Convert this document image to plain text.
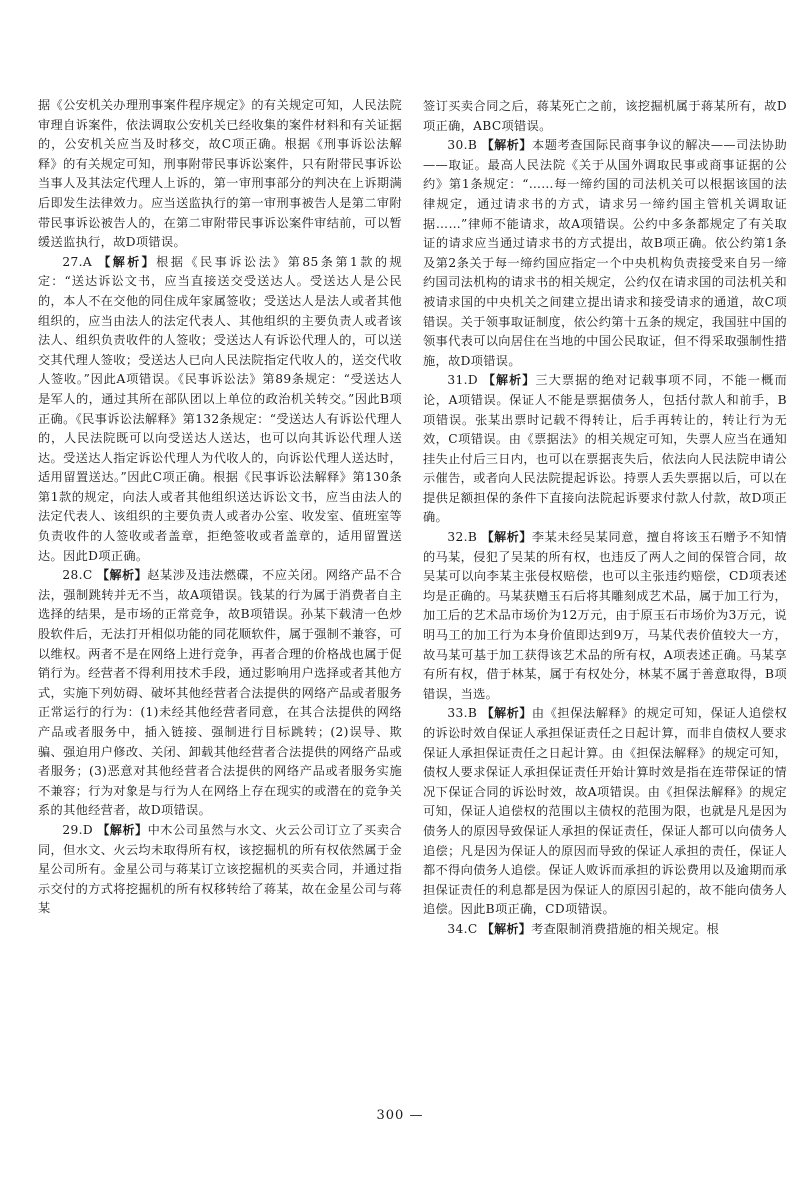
据《公安机关办理刑事案件程序规定》的有关规定可知，人民法院审理自诉案件，依法调取公安机关已经收集的案件材料和有关证据的，公安机关应当及时移交，故C项正确。根据《刑事诉讼法解释》的有关规定可知，刑事附带民事诉讼案件，只有附带民事诉讼当事人及其法定代理人上诉的，第一审刑事部分的判决在上诉期满后即发生法律效力。应当送监执行的第一审刑事被告人是第二审附带民事诉讼被告人的，在第二审附带民事诉讼案件审结前，可以暂缓送监执行，故D项错误。

27.A 【解析】根据《民事诉讼法》第85条第1款的规定：“送达诉讼文书，应当直接送交受送达人。受送达人是公民的，本人不在交他的同住成年家属签收；受送达人是法人或者其他组织的，应当由法人的法定代表人、其他组织的主要负责人或者该法人、组织负责收件的人签收；受送达人有诉讼代理人的，可以送交其代理人签收；受送达人已向人民法院指定代收人的，送交代收人签收。”因此A项错误。《民事诉讼法》第89条规定：“受送达人是军人的，通过其所在部队团以上单位的政治机关转交。”因此B项正确。《民事诉讼法解释》第132条规定：“受送达人有诉讼代理人的，人民法院既可以向受送达人送达，也可以向其诉讼代理人送达。受送达人指定诉讼代理人为代收人的，向诉讼代理人送达时，适用留置送达。”因此C项正确。根据《民事诉讼法解释》第130条第1款的规定，向法人或者其他组织送达诉讼文书，应当由法人的法定代表人、该组织的主要负责人或者办公室、收发室、值班室等负责收件的人签收或者盖章，拒绝签收或者盖章的，适用留置送达。因此D项正确。

28.C 【解析】赵某涉及违法燃碟，不应关闭。网络产品不合法，强制跳转并无不当，故A项错误。钱某的行为属于消费者自主选择的结果，是市场的正常竞争，故B项错误。孙某下载清一色炒股软件后，无法打开相似功能的同花顺软件，属于强制不兼容，可以维权。两者不是在网络上进行竞争，再者合理的价格战也属于促销行为。经营者不得利用技术手段，通过影响用户选择或者其他方式，实施下列妨碍、破坏其他经营者合法提供的网络产品或者服务正常运行的行为：(1)未经其他经营者同意，在其合法提供的网络产品或者服务中，插入链接、强制进行目标跳转；(2)误导、欺骗、强迫用户修改、关闭、卸载其他经营者合法提供的网络产品或者服务；(3)恶意对其他经营者合法提供的网络产品或者服务实施不兼容；行为对象是与行为人在网络上存在现实的或潜在的竞争关系的其他经营者，故D项错误。

29.D 【解析】中木公司虽然与水文、火云公司订立了买卖合同，但水文、火云均未取得所有权，该挖掘机的所有权依然属于金星公司所有。金星公司与蒋某订立该挖掘机的买卖合同，并通过指示交付的方式将挖掘机的所有权移转给了蒋某，故在金星公司与蒋某

签订买卖合同之后，蒋某死亡之前，该挖掘机属于蒋某所有，故D项正确，ABC项错误。

30.B 【解析】本题考查国际民商事争议的解决——司法协助——取证。最高人民法院《关于从国外调取民事或商事证据的公约》第1条规定：“……每一缔约国的司法机关可以根据该国的法律规定，通过请求书的方式，请求另一缔约国主管机关调取证据……”律师不能请求，故A项错误。公约中多条都规定了有关取证的请求应当通过请求书的方式提出，故B项正确。依公约第1条及第2条关于每一缔约国应指定一个中央机构负责接受来自另一缔约国司法机构的请求书的相关规定，公约仅在请求国的司法机关和被请求国的中央机关之间建立提出请求和接受请求的通道，故C项错误。关于领事取证制度，依公约第十五条的规定，我国驻中国的领事代表可以向居住在当地的中国公民取证，但不得采取强制性措施，故D项错误。

31.D 【解析】三大票据的绝对记载事项不同，不能一概而论，A项错误。保证人不能是票据债务人，包括付款人和前手，B项错误。张某出票时记载不得转让，后手再转让的，转让行为无效，C项错误。由《票据法》的相关规定可知，失票人应当在通知挂失止付后三日内，也可以在票据丧失后，依法向人民法院申请公示催告，或者向人民法院提起诉讼。持票人丢失票据以后，可以在提供足额担保的条件下直接向法院起诉要求付款人付款，故D项正确。

32.B 【解析】李某未经吴某同意，擅自将该玉石赠予不知情的马某，侵犯了吴某的所有权，也违反了两人之间的保管合同，故吴某可以向李某主张侵权赔偿，也可以主张违约赔偿，CD项表述均是正确的。马某获赠玉石后将其雕刻成艺术品，属于加工行为，加工后的艺术品市场价为12万元，由于原玉石市场价为3万元，说明马工的加工行为本身价值即达到9万，马某代表价值较大一方，故马某可基于加工获得该艺术品的所有权，A项表述正确。马某享有所有权，借于林某，属于有权处分，林某不属于善意取得，B项错误，当选。

33.B 【解析】由《担保法解释》的规定可知，保证人追偿权的诉讼时效自保证人承担保证责任之日起计算，而非自债权人要求保证人承担保证责任之日起计算。由《担保法解释》的规定可知，债权人要求保证人承担保证责任开始计算时效是指在连带保证的情况下保证合同的诉讼时效，故A项错误。由《担保法解释》的规定可知，保证人追偿权的范围以主债权的范围为限，也就是凡是因为债务人的原因导致保证人承担的保证责任，保证人都可以向债务人追偿；凡是因为保证人的原因而导致的保证人承担的责任，保证人都不得向债务人追偿。保证人败诉而承担的诉讼费用以及逾期而承担保证责任的利息都是因为保证人的原因引起的，故不能向债务人追偿。因此B项正确，CD项错误。

34.C 【解析】考查限制消费措施的相关规定。根

300 —
